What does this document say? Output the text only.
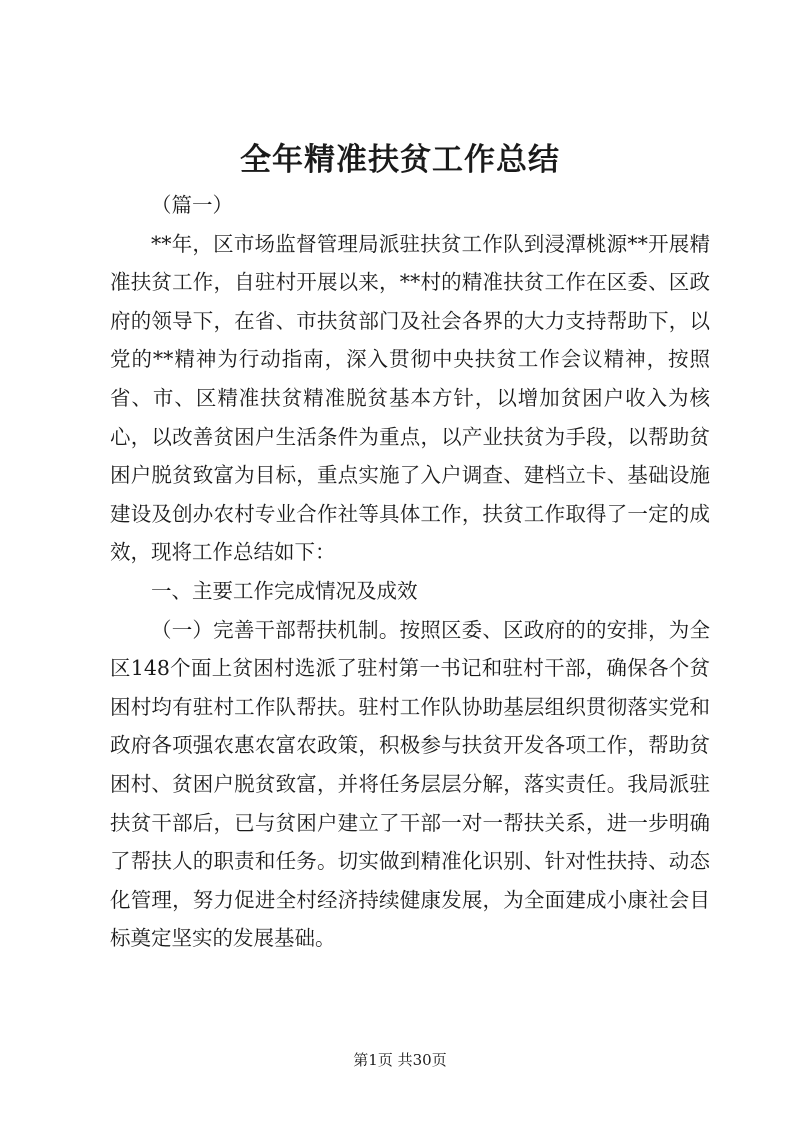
全年精准扶贫工作总结

（篇一）

**年，区市场监督管理局派驻扶贫工作队到浸潭桃源**开展精准扶贫工作，自驻村开展以来，**村的精准扶贫工作在区委、区政府的领导下，在省、市扶贫部门及社会各界的大力支持帮助下，以党的**精神为行动指南，深入贯彻中央扶贫工作会议精神，按照省、市、区精准扶贫精准脱贫基本方针，以增加贫困户收入为核心，以改善贫困户生活条件为重点，以产业扶贫为手段，以帮助贫困户脱贫致富为目标，重点实施了入户调查、建档立卡、基础设施建设及创办农村专业合作社等具体工作，扶贫工作取得了一定的成效，现将工作总结如下：

一、主要工作完成情况及成效

（一）完善干部帮扶机制。按照区委、区政府的的安排，为全区148个面上贫困村选派了驻村第一书记和驻村干部，确保各个贫困村均有驻村工作队帮扶。驻村工作队协助基层组织贯彻落实党和政府各项强农惠农富农政策，积极参与扶贫开发各项工作，帮助贫困村、贫困户脱贫致富，并将任务层层分解，落实责任。我局派驻扶贫干部后，已与贫困户建立了干部一对一帮扶关系，进一步明确了帮扶人的职责和任务。切实做到精准化识别、针对性扶持、动态化管理，努力促进全村经济持续健康发展，为全面建成小康社会目标奠定坚实的发展基础。

第1页 共30页
